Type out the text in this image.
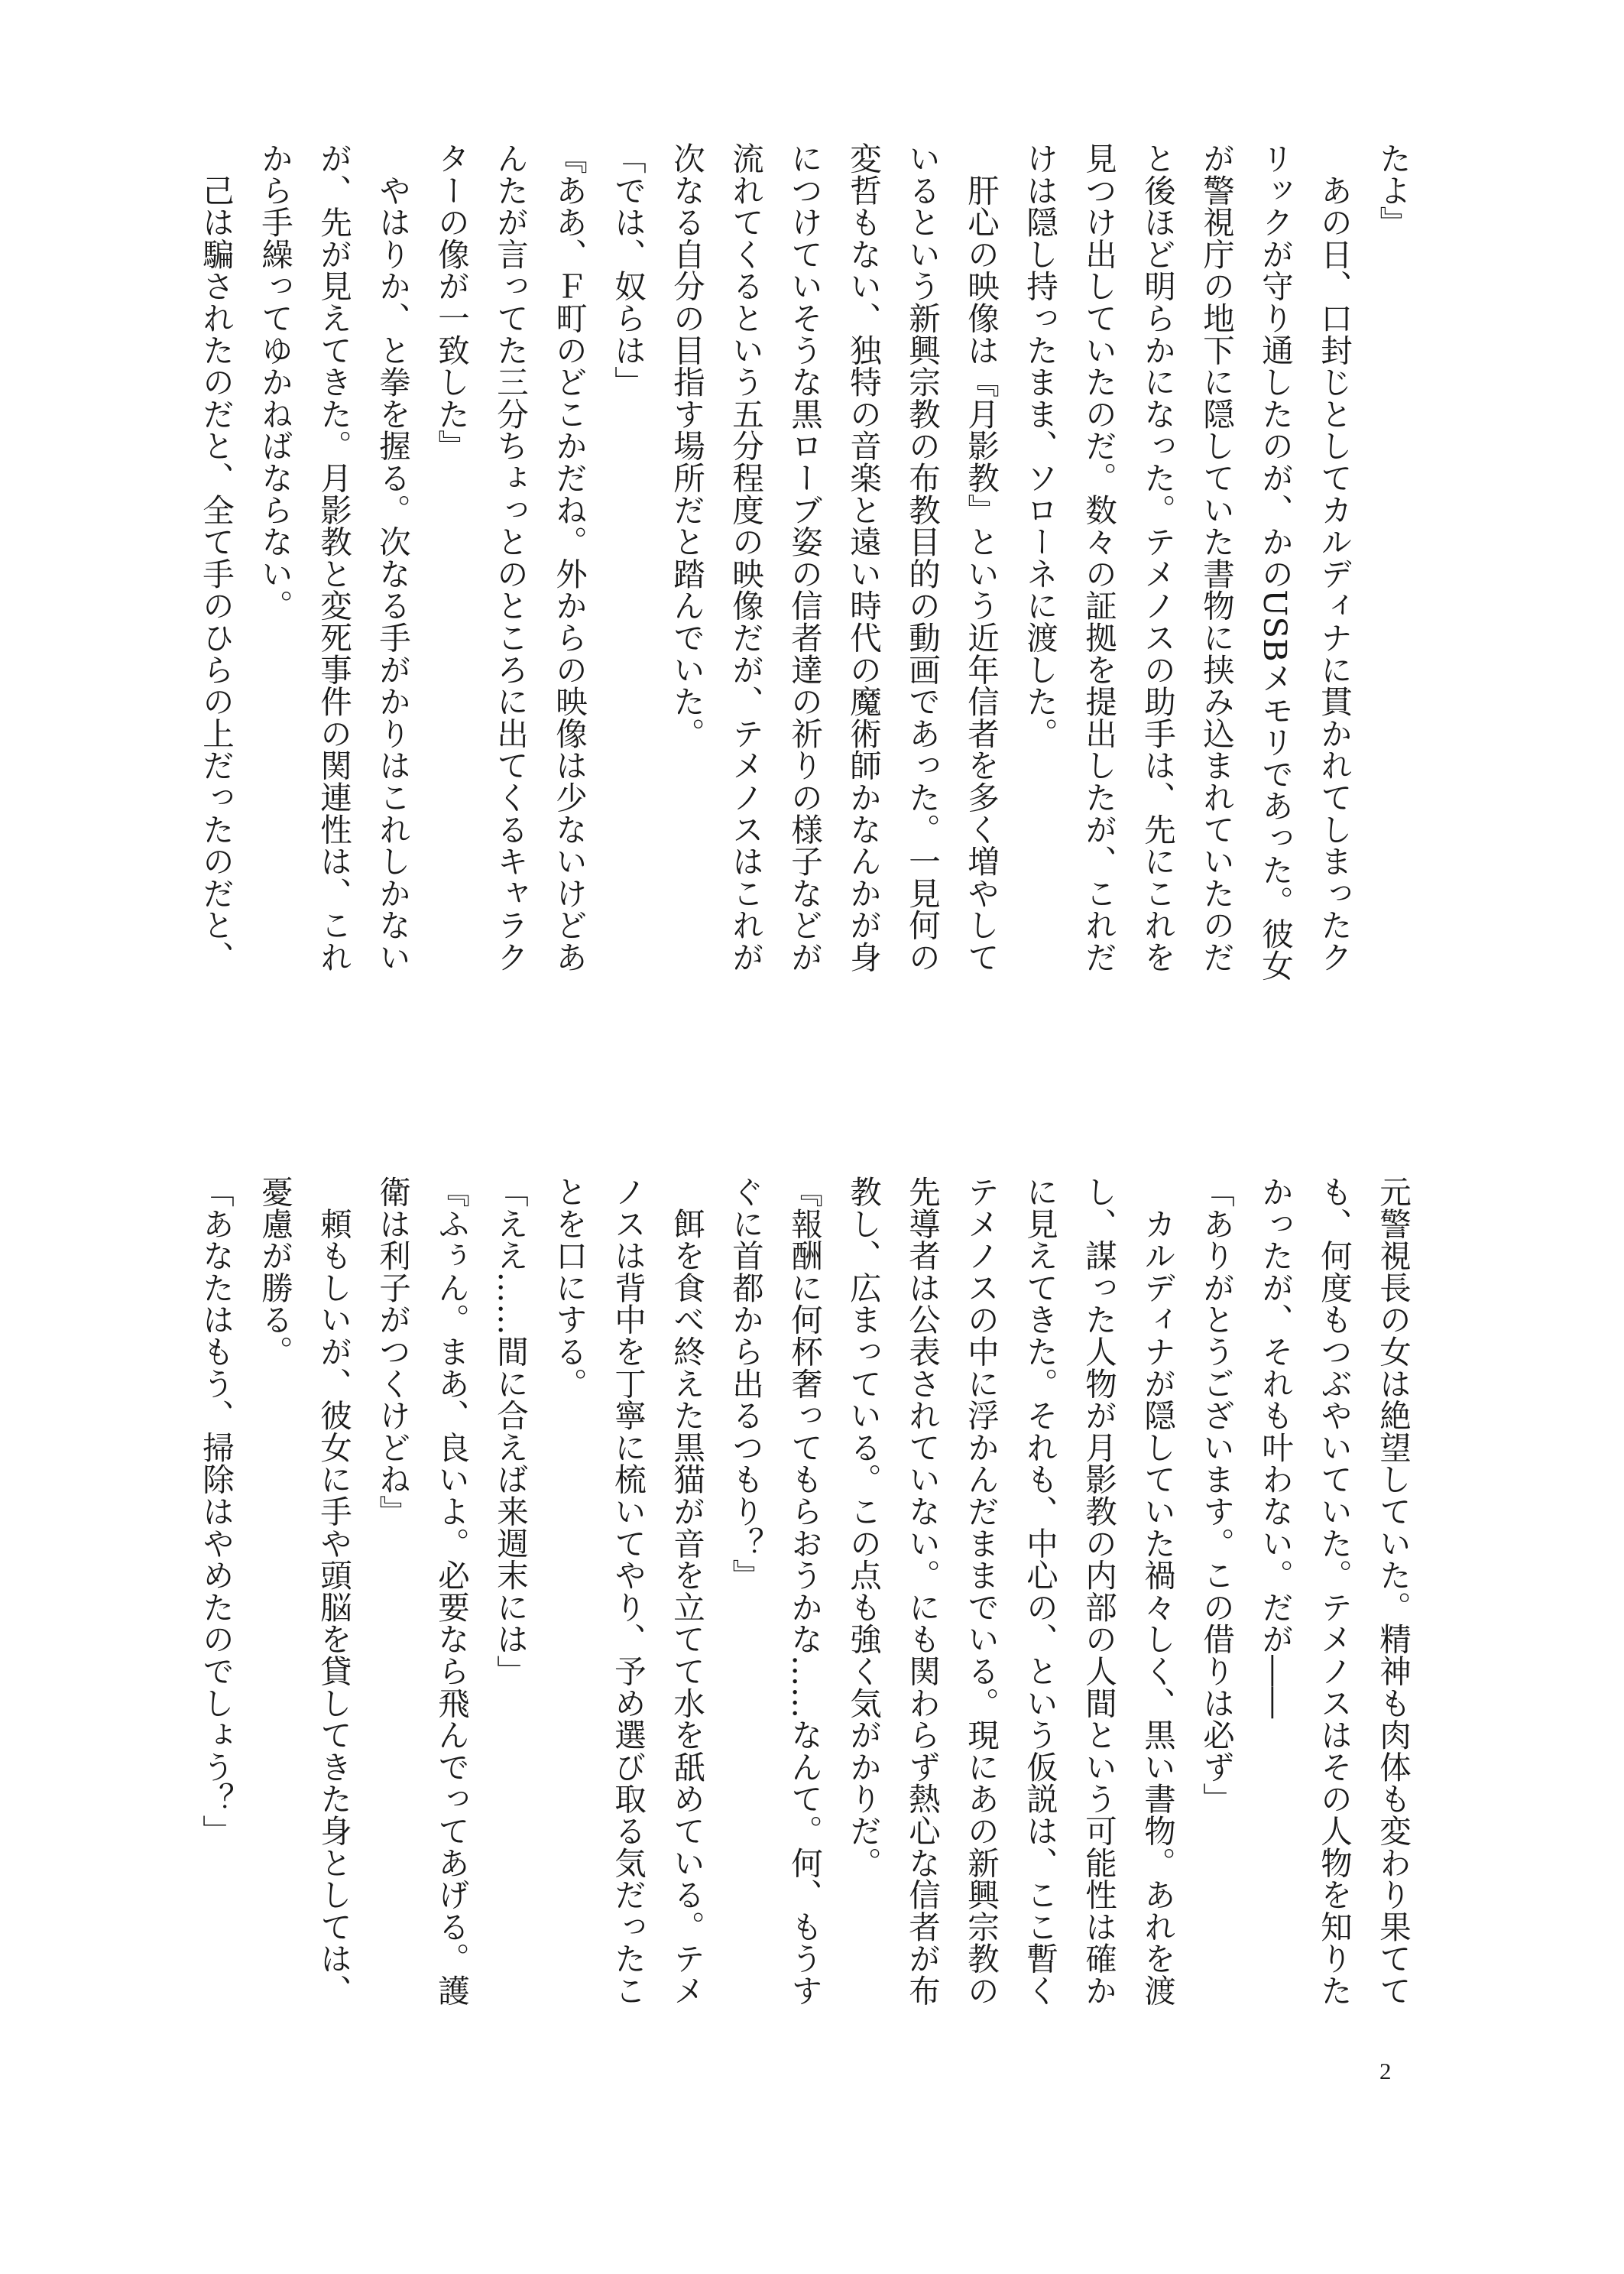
たよ』

　あの日、口封じとしてカルディナに貫かれてしまったク

リックが守り通したのが、かのUSBメモリであった。彼女

が警視庁の地下に隠していた書物に挟み込まれていたのだ

と後ほど明らかになった。テメノスの助手は、先にこれを

見つけ出していたのだ。数々の証拠を提出したが、これだ

けは隠し持ったまま、ソローネに渡した。

　肝心の映像は『月影教』という近年信者を多く増やして

いるという新興宗教の布教目的の動画であった。一見何の

変哲もない、独特の音楽と遠い時代の魔術師かなんかが身

につけていそうな黒ローブ姿の信者達の祈りの様子などが

流れてくるという五分程度の映像だが、テメノスはこれが

次なる自分の目指す場所だと踏んでいた。

「では、奴らは」

『ああ、Ｆ町のどこかだね。外からの映像は少ないけどあ

んたが言ってた三分ちょっとのところに出てくるキャラク

ターの像が一致した』

　やはりか、と拳を握る。次なる手がかりはこれしかない

が、先が見えてきた。月影教と変死事件の関連性は、これ

から手繰ってゆかねばならない。

　己は騙されたのだと、全て手のひらの上だったのだと、

元警視長の女は絶望していた。精神も肉体も変わり果てて

も、何度もつぶやいていた。テメノスはその人物を知りた

かったが、それも叶わない。だが――

「ありがとうございます。この借りは必ず」

　カルディナが隠していた禍々しく、黒い書物。あれを渡

し、謀った人物が月影教の内部の人間という可能性は確か

に見えてきた。それも、中心の、という仮説は、ここ暫く

テメノスの中に浮かんだままでいる。現にあの新興宗教の

先導者は公表されていない。にも関わらず熱心な信者が布

教し、広まっている。この点も強く気がかりだ。

『報酬に何杯奢ってもらおうかな……なんて。何、もうす

ぐに首都から出るつもり？』

　餌を食べ終えた黒猫が音を立てて水を舐めている。テメ

ノスは背中を丁寧に梳いてやり、予め選び取る気だったこ

とを口にする。

「ええ……間に合えば来週末には」

『ふぅん。まあ、良いよ。必要なら飛んでってあげる。護

衛は利子がつくけどね』

　頼もしいが、彼女に手や頭脳を貸してきた身としては、

憂慮が勝る。

「あなたはもう、掃除はやめたのでしょう？」

2
